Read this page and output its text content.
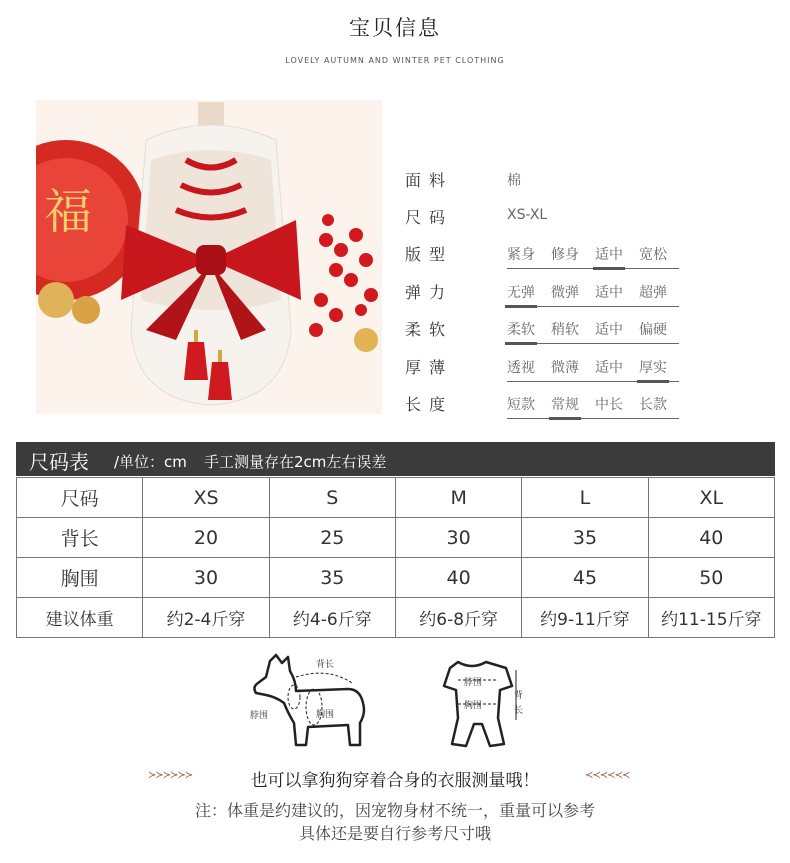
宝贝信息
LOVELY AUTUMN AND WINTER PET CLOTHING
福
面料	棉
尺码	XS-XL
版型	紧身 修身 适中 宽松
弹力	无弹 微弹 适中 超弹
柔软	柔软 稍软 适中 偏硬
厚薄	透视 微薄 适中 厚实
长度	短款 常规 中长 长款
尺码表 /单位：cm 手工测量存在2cm左右误差
尺码	XS	S	M	L	XL
背长	20	25	30	35	40
胸围	30	35	40	45	50
建议体重	约2-4斤穿	约4-6斤穿	约6-8斤穿	约9-11斤穿	约11-15斤穿
背长
脖围	胸围
脖围
胸围
背
长
≻≻≻≻≻≻	也可以拿狗狗穿着合身的衣服测量哦！	≺≺≺≺≺≺
注：体重是约建议的，因宠物身材不统一，重量可以参考
具体还是要自行参考尺寸哦
